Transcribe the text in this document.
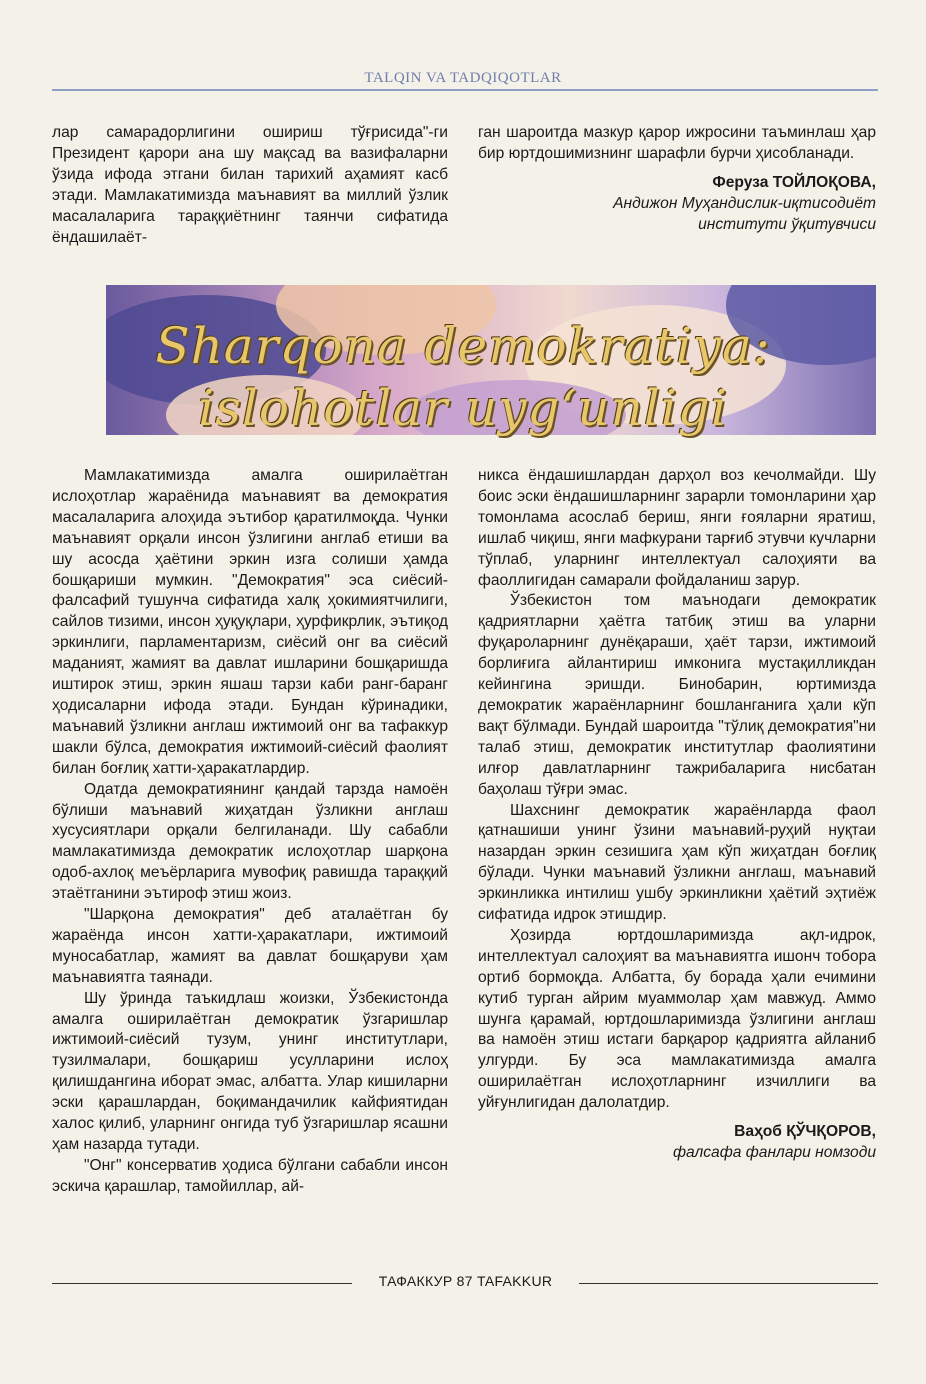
TALQIN VA TADQIQOTLAR

лар самарадорлигини ошириш тўғрисида"-ги Президент қарори ана шу мақсад ва вазифаларни ўзида ифода этгани билан тарихий аҳамият касб этади. Мамлакатимизда маънавият ва миллий ўзлик масалаларига тараққиётнинг таянчи сифатида ёндашилаёт-

ган шароитда мазкур қарор ижросини таъминлаш ҳар бир юртдошимизнинг шарафли бурчи ҳисобланади.

Феруза ТОЙЛОҚОВА,
Андижон Муҳандислик-иқтисодиёт
институти ўқитувчиси
Sharqona demokratiya:
islohotlar uyg‘unligi

Мамлакатимизда амалга оширилаётган ислоҳотлар жараёнида маънавият ва демократия масалаларига алоҳида эътибор қаратилмоқда. Чунки маънавият орқали инсон ўзлигини англаб етиши ва шу асосда ҳаётини эркин изга солиши ҳамда бошқариши мумкин. "Демократия" эса сиёсий-фалсафий тушунча сифатида халқ ҳокимиятчилиги, сайлов тизими, инсон ҳуқуқлари, ҳурфикрлик, эътиқод эркинлиги, парламентаризм, сиёсий онг ва сиёсий маданият, жамият ва давлат ишларини бошқаришда иштирок этиш, эркин яшаш тарзи каби ранг-баранг ҳодисаларни ифода этади. Бундан кўринадики, маънавий ўзликни англаш ижтимоий онг ва тафаккур шакли бўлса, демократия ижтимоий-сиёсий фаолият билан боғлиқ хатти-ҳаракатлардир.

Одатда демократиянинг қандай тарзда намоён бўлиши маънавий жиҳатдан ўзликни англаш хусусиятлари орқали белгиланади. Шу сабабли мамлакатимизда демократик ислоҳотлар шарқона одоб-ахлоқ меъёрларига мувофиқ равишда тараққий этаётганини эътироф этиш жоиз.

"Шарқона демократия" деб аталаётган бу жараёнда инсон хатти-ҳаракатлари, ижтимоий муносабатлар, жамият ва давлат бошқаруви ҳам маънавиятга таянади.

Шу ўринда таъкидлаш жоизки, Ўзбекистонда амалга оширилаётган демократик ўзгаришлар ижтимоий-сиёсий тузум, унинг институтлари, тузилмалари, бошқариш усулларини ислоҳ қилишдангина иборат эмас, албатта. Улар кишиларни эски қарашлардан, боқимандачилик кайфиятидан халос қилиб, уларнинг онгида туб ўзгаришлар ясашни ҳам назарда тутади.

"Онг" консерватив ҳодиса бўлгани сабабли инсон эскича қарашлар, тамойиллар, ай-

никса ёндашишлардан дарҳол воз кечолмайди. Шу боис эски ёндашишларнинг зарарли томонларини ҳар томонлама асослаб бериш, янги ғояларни яратиш, ишлаб чиқиш, янги мафкурани тарғиб этувчи кучларни тўплаб, уларнинг интеллектуал салоҳияти ва фаоллигидан самарали фойдаланиш зарур.

Ўзбекистон том маънодаги демократик қадриятларни ҳаётга татбиқ этиш ва уларни фуқароларнинг дунёқараши, ҳаёт тарзи, ижтимоий борлиғига айлантириш имконига мустақилликдан кейингина эришди. Бинобарин, юртимизда демократик жараёнларнинг бошланганига ҳали кўп вақт бўлмади. Бундай шароитда "тўлиқ демократия"ни талаб этиш, демократик институтлар фаолиятини илғор давлатларнинг тажрибаларига нисбатан баҳолаш тўғри эмас.

Шахснинг демократик жараёнларда фаол қатнашиши унинг ўзини маънавий-руҳий нуқтаи назардан эркин сезишига ҳам кўп жиҳатдан боғлиқ бўлади. Чунки маънавий ўзликни англаш, маънавий эркинликка интилиш ушбу эркинликни ҳаётий эҳтиёж сифатида идрок этишдир.

Ҳозирда юртдошларимизда ақл-идрок, интеллектуал салоҳият ва маънавиятга ишонч тобора ортиб бормоқда. Албатта, бу борада ҳали ечимини кутиб турган айрим муаммолар ҳам мавжуд. Аммо шунга қарамай, юртдошларимизда ўзлигини англаш ва намоён этиш истаги барқарор қадриятга айланиб улгурди. Бу эса мамлакатимизда амалга оширилаётган ислоҳотларнинг изчиллиги ва уйғунлигидан далолатдир.

Ваҳоб ҚЎЧҚОРОВ,
фалсафа фанлари номзоди
ТАФАККУР 87 TAFAKKUR
